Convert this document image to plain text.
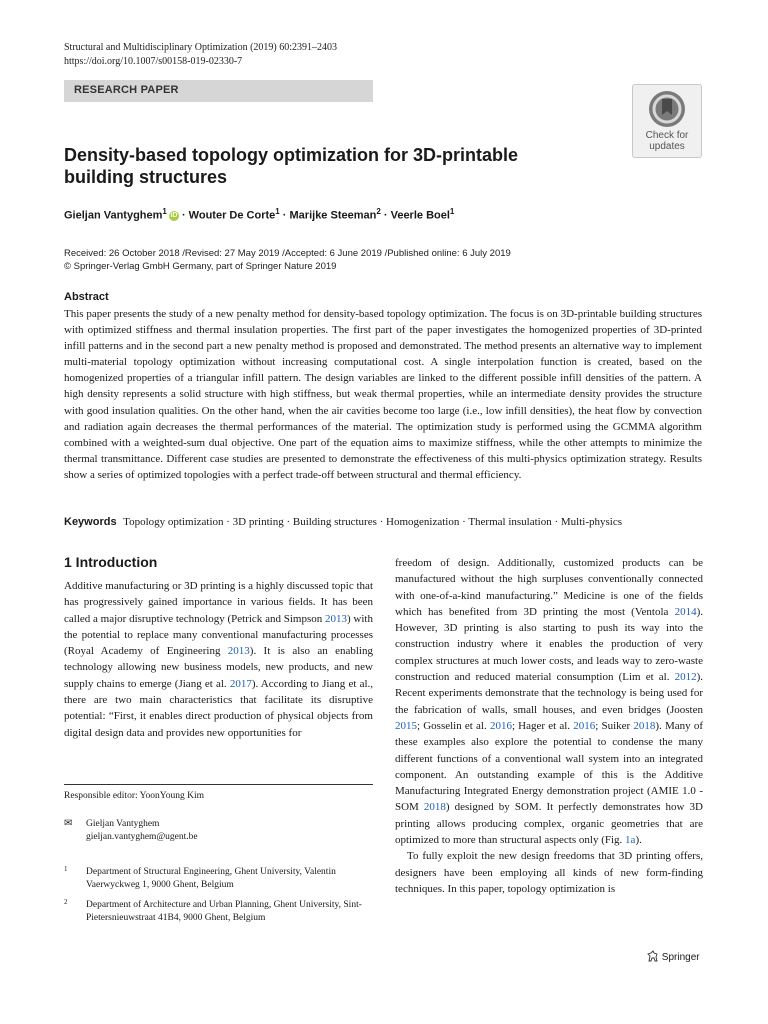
Structural and Multidisciplinary Optimization (2019) 60:2391–2403
https://doi.org/10.1007/s00158-019-02330-7
RESEARCH PAPER
Check for
updates
Density-based topology optimization for 3D-printable building structures
Gieljan Vantyghem$^1$ iD · Wouter De Corte$^1$ · Marijke Steeman$^2$ · Veerle Boel$^1$
Received: 26 October 2018 /Revised: 27 May 2019 /Accepted: 6 June 2019 /Published online: 6 July 2019
© Springer-Verlag GmbH Germany, part of Springer Nature 2019
Abstract
This paper presents the study of a new penalty method for density-based topology optimization. The focus is on 3D-printable building structures with optimized stiffness and thermal insulation properties. The first part of the paper investigates the homogenized properties of 3D-printed infill patterns and in the second part a new penalty method is proposed and demonstrated. The method presents an alternative way to implement multi-material topology optimization without increasing computational cost. A single interpolation function is created, based on the homogenized properties of a triangular infill pattern. The design variables are linked to the different possible infill densities of the pattern. A high density represents a solid structure with high stiffness, but weak thermal properties, while an intermediate density provides the structure with good insulation qualities. On the other hand, when the air cavities become too large (i.e., low infill densities), the heat flow by convection and radiation again decreases the thermal performances of the material. The optimization study is performed using the GCMMA algorithm combined with a weighted-sum dual objective. One part of the equation aims to maximize stiffness, while the other attempts to minimize the thermal transmittance. Different case studies are presented to demonstrate the effectiveness of this multi-physics optimization strategy. Results show a series of optimized topologies with a perfect trade-off between structural and thermal efficiency.
Keywords Topology optimization · 3D printing · Building structures · Homogenization · Thermal insulation · Multi-physics
1 Introduction
Additive manufacturing or 3D printing is a highly discussed topic that has progressively gained importance in various fields. It has been called a major disruptive technology (Petrick and Simpson 2013) with the potential to replace many conventional manufacturing processes (Royal Academy of Engineering 2013). It is also an enabling technology allowing new business models, new products, and new supply chains to emerge (Jiang et al. 2017). According to Jiang et al., there are two main characteristics that facilitate its disruptive potential: “First, it enables direct production of physical objects from digital design data and provides new opportunities for
freedom of design. Additionally, customized products can be manufactured without the high surpluses conventionally connected with one-of-a-kind manufacturing.” Medicine is one of the fields which has benefited from 3D printing the most (Ventola 2014). However, 3D printing is also starting to push its way into the construction industry where it enables the production of very complex structures at much lower costs, and leads way to zero-waste construction and reduced material consumption (Lim et al. 2012). Recent experiments demonstrate that the technology is being used for the fabrication of walls, small houses, and even bridges (Joosten 2015; Gosselin et al. 2016; Hager et al. 2016; Suiker 2018). Many of these examples also explore the potential to condense the many different functions of a conventional wall system into an integrated component. An outstanding example of this is the Additive Manufacturing Integrated Energy demonstration project (AMIE 1.0 -SOM 2018) designed by SOM. It perfectly demonstrates how 3D printing allows producing complex, organic geometries that are optimized to more than structural aspects only (Fig. 1a).
To fully exploit the new design freedoms that 3D printing offers, designers have been employing all kinds of new form-finding techniques. In this paper, topology optimization is
Responsible editor: YoonYoung Kim
✉ Gieljan Vantyghem
gieljan.vantyghem@ugent.be
1 Department of Structural Engineering, Ghent University, Valentin Vaerwyckweg 1, 9000 Ghent, Belgium
2 Department of Architecture and Urban Planning, Ghent University, Sint-Pietersnieuwstraat 41B4, 9000 Ghent, Belgium
Springer
